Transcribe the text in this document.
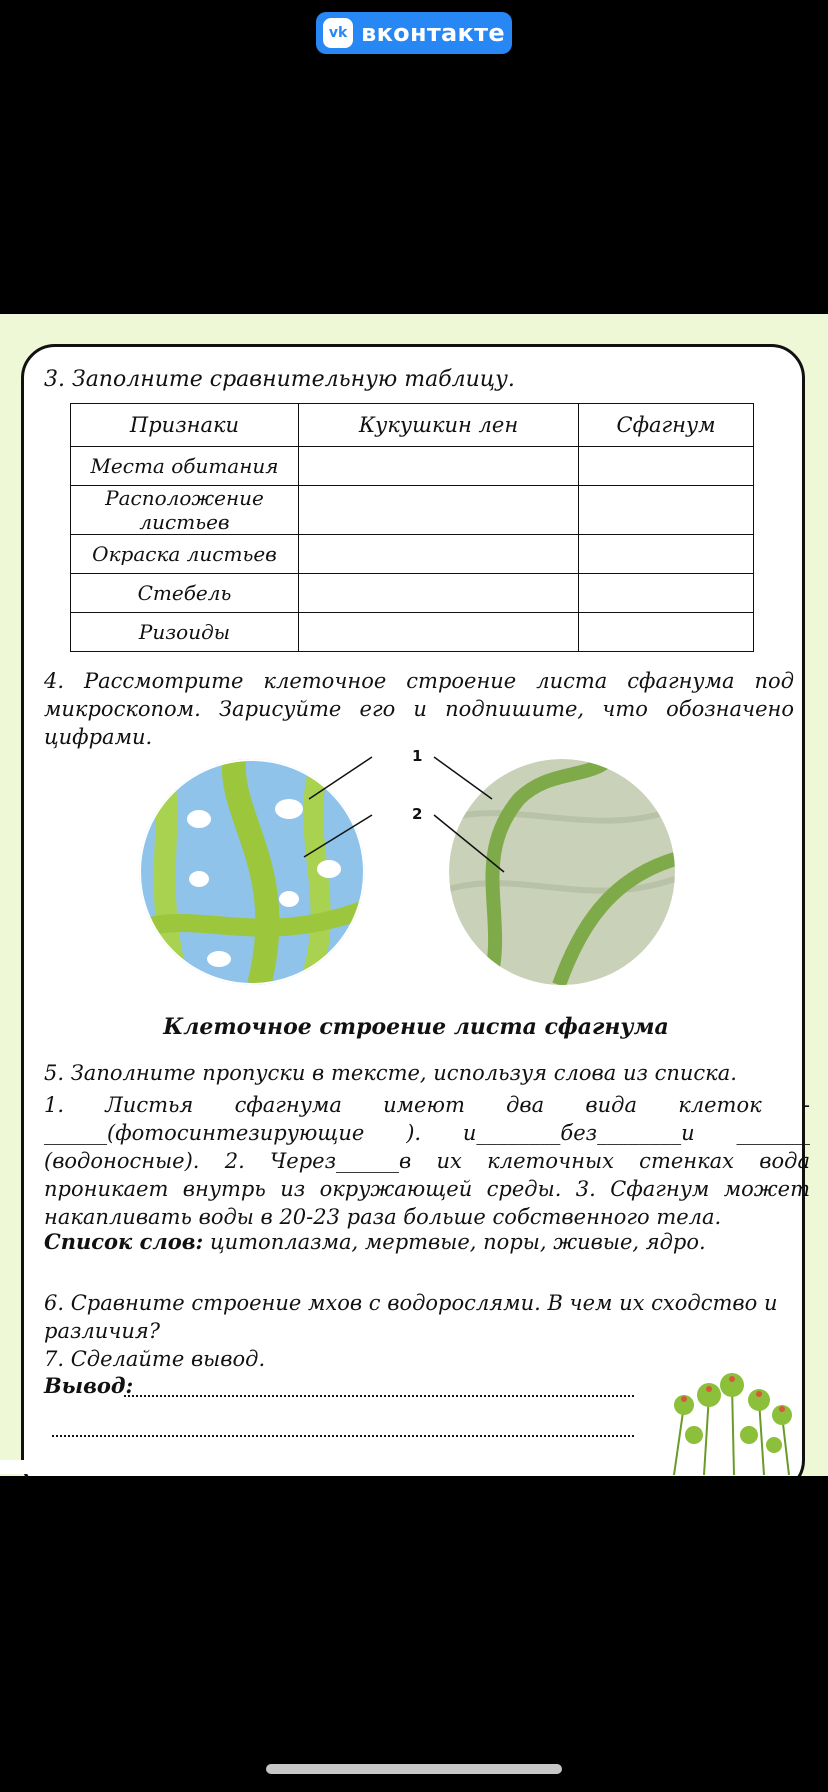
vk вконтакте
3. Заполните сравнительную таблицу.
Признаки	Кукушкин лен	Сфагнум
Места обитания		
Расположение листьев		
Окраска листьев		
Стебель		
Ризоиды		
4. Рассмотрите клеточное строение листа сфагнума под микроскопом. Зарисуйте его и подпишите, что обозначено цифрами.
1
2
Клеточное строение листа сфагнума
5. Заполните пропуски в тексте, используя слова из списка.
1. Листья сфагнума имеют два вида клеток -______(фотосинтезирующие ). и________без________и _______ (водоносные). 2. Через______в их клеточных стенках вода проникает внутрь из окружающей среды. 3. Сфагнум может накапливать воды в 20-23 раза больше собственного тела.
Список слов: цитоплазма, мертвые, поры, живые, ядро.
6. Сравните строение мхов с водорослями. В чем их сходство и различия?
7. Сделайте вывод.
Вывод:
